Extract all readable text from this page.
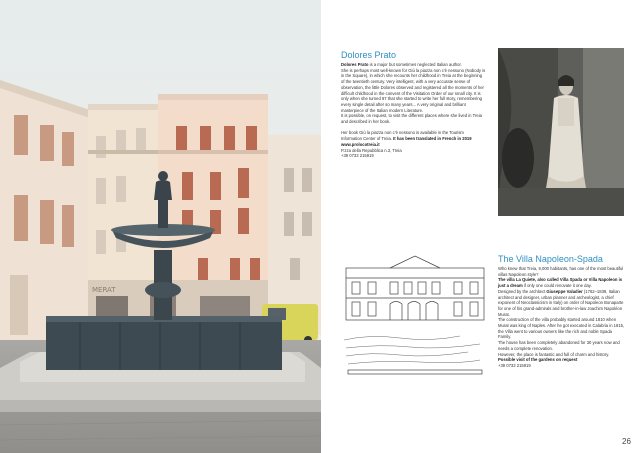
MERAT
Dolores Prato

Dolores Prato is a major but sometimes neglected Italian author.

She is perhaps most well-known for Giù la piazza non c'è nessuno (Nobody is in the Square), in which she recounts her childhood in Treia at the beginning of the twentieth century. Very intelligent, with a very accurate sense of observation, the little Dolores observed and registered all the moments of her difficult childhood in the convent of the Visitation Order of our small city. It is only when she turned 87 that she started to write her full story, remembering every single detail after so many years... A very original and brilliant masterpiece of the Italian modern Literature.

It is possible, on request, to visit the different places where she lived in Treia and described in her book.

Her book Giù la piazza non c'è nessuno is available in the Tourism Information Center of Treia. It has been translated in French in 2019

www.prolocotreia.it

P.zza della Repubblica n.3, Treia

+39 0733 215919

The Villa Napoleon-Spada

Who knew that Treia, 9,000 habitants, has one of the most beautiful villas Napoleon style?

The villa La Quiete, also called Villa Spada or Villa Napoleon is just a dream if only one could renovate it one day.

Designed by the architect Giuseppe Valadier (1762–1839, Italian architect and designer, urban planner and archeologist, a chief exponent of Neoclassicism in Italy) on order of Napoleon Bonaparte for one of his grand-admirals and brother-in-law Joachim Napoléon Murat.

The construction of the villa probably started around 1810 when Murat was king of Naples. After he got executed in Calabria in 1815, the Villa went to various owners like the rich and noble Spada Family.

The house has been completely abandoned for 30 years now and needs a complete renovation.

However, the place is fantastic and full of charm and history.

Possible visit of the gardens on request

+39 0733 215919

26
